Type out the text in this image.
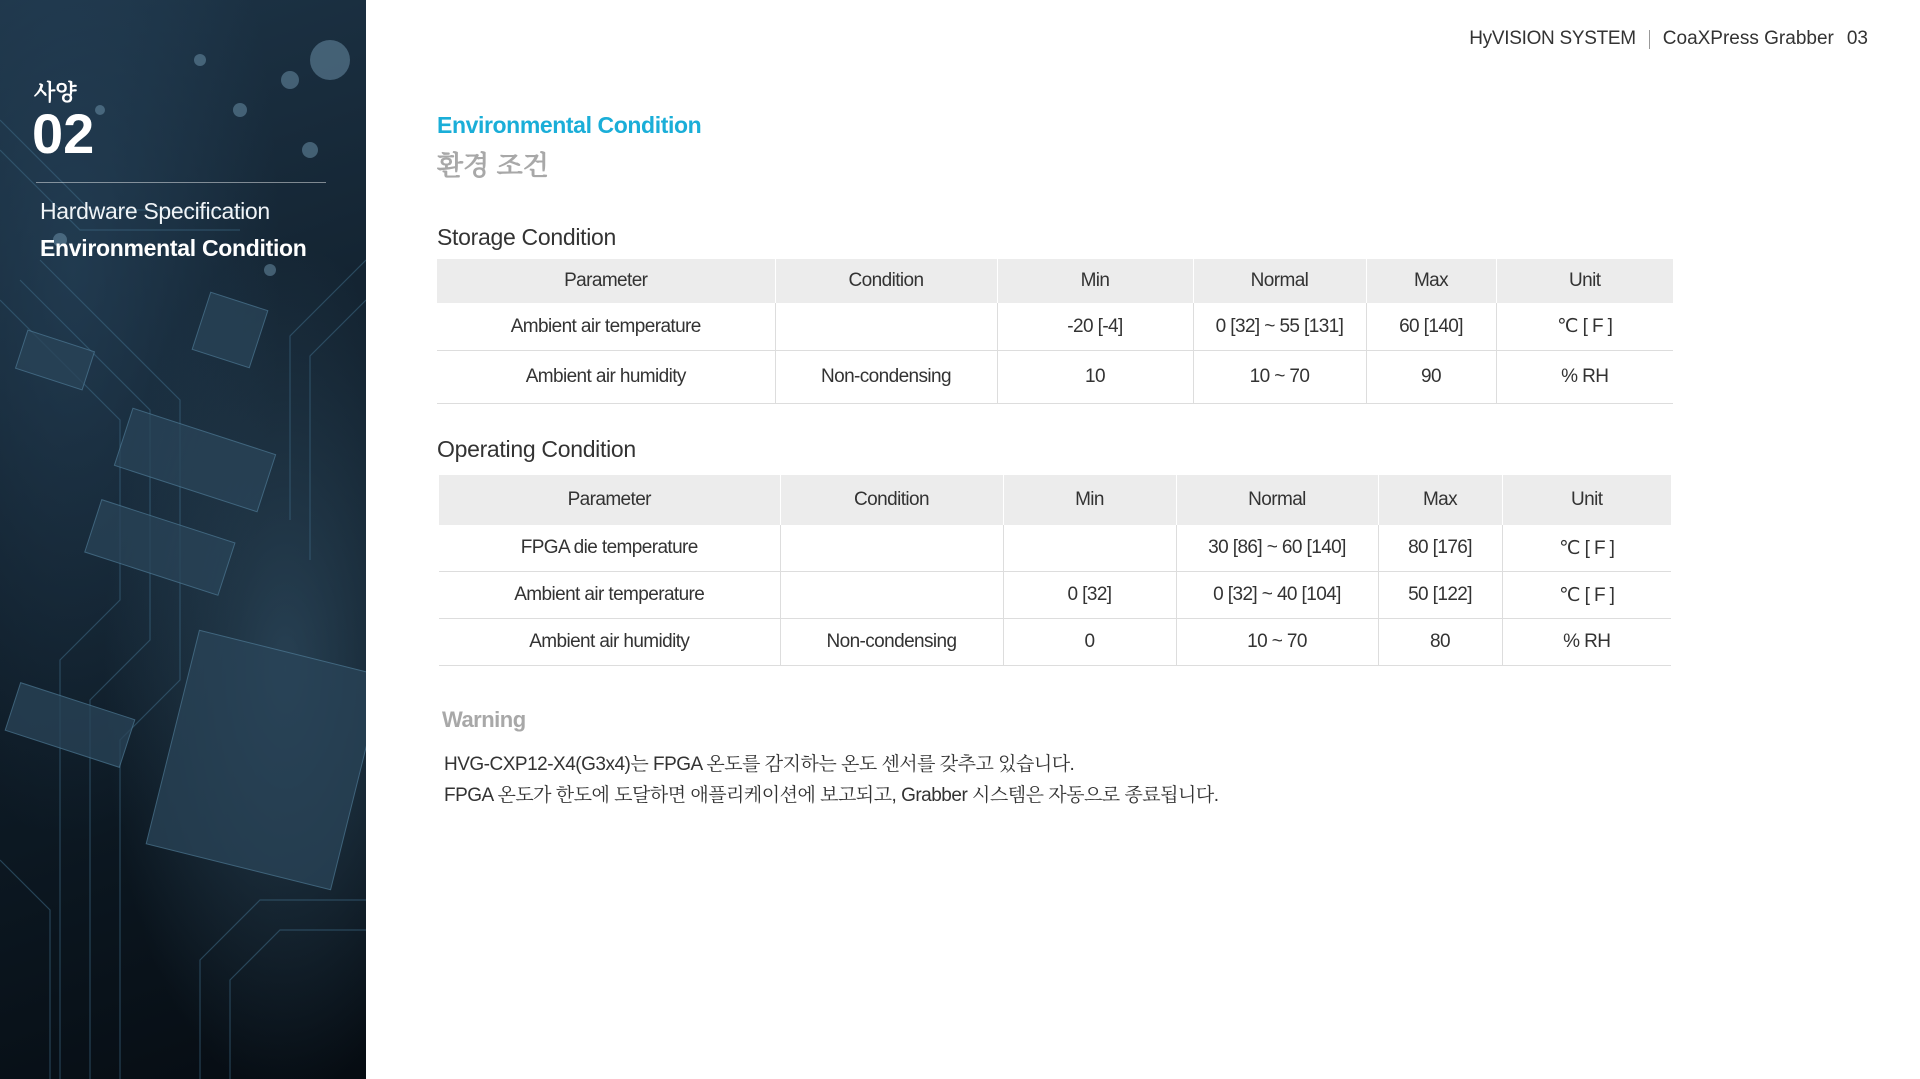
사양
02
Hardware Specification
Environmental Condition
HyVISION SYSTEM CoaXPress Grabber 03
Environmental Condition
환경 조건
Storage Condition
Parameter	Condition	Min	Normal	Max	Unit
Ambient air temperature		-20 [-4]	0 [32] ~ 55 [131]	60 [140]	℃ [ F ]
Ambient air humidity	Non-condensing	10	10 ~ 70	90	% RH
Operating Condition
Parameter	Condition	Min	Normal	Max	Unit
FPGA die temperature			30 [86] ~ 60 [140]	80 [176]	℃ [ F ]
Ambient air temperature		0 [32]	0 [32] ~ 40 [104]	50 [122]	℃ [ F ]
Ambient air humidity	Non-condensing	0	10 ~ 70	80	% RH
Warning
HVG-CXP12-X4(G3x4)는 FPGA 온도를 감지하는 온도 센서를 갖추고 있습니다.
FPGA 온도가 한도에 도달하면 애플리케이션에 보고되고, Grabber 시스템은 자동으로 종료됩니다.
